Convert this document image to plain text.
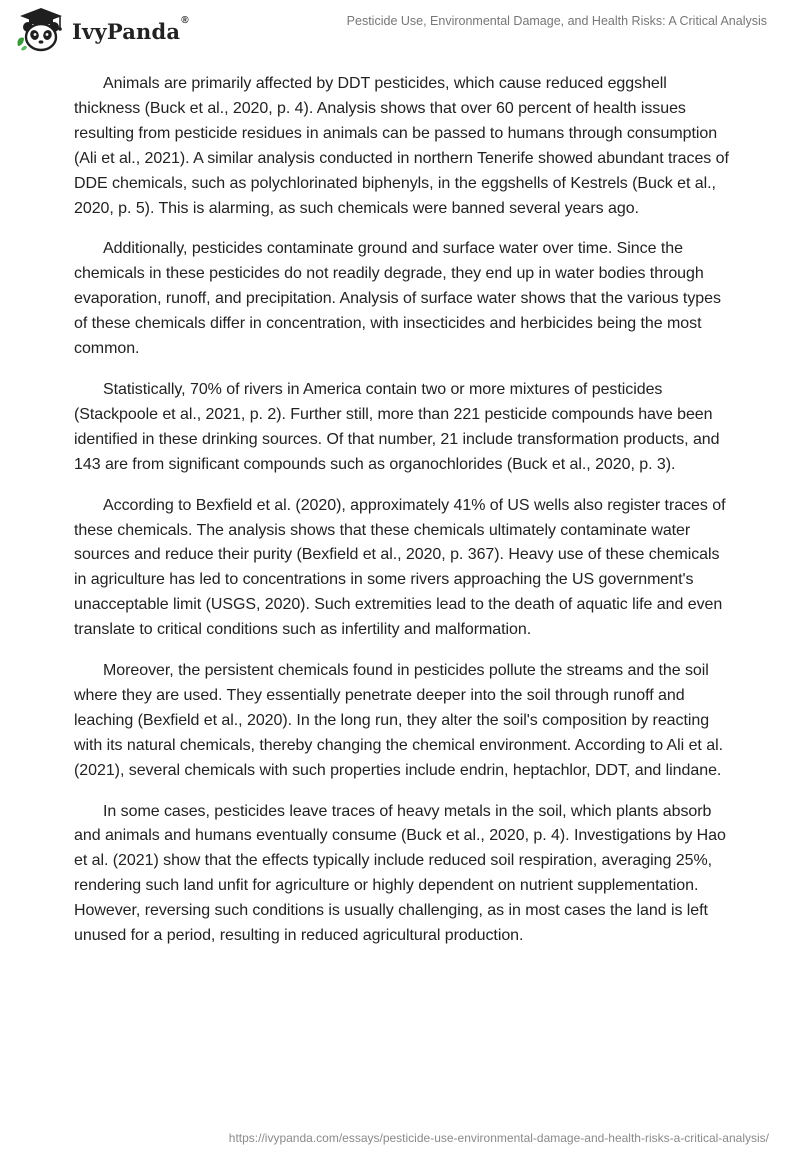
IvyPanda®	Pesticide Use, Environmental Damage, and Health Risks: A Critical Analysis

Animals are primarily affected by DDT pesticides, which cause reduced eggshell thickness (Buck et al., 2020, p. 4). Analysis shows that over 60 percent of health issues resulting from pesticide residues in animals can be passed to humans through consumption (Ali et al., 2021). A similar analysis conducted in northern Tenerife showed abundant traces of DDE chemicals, such as polychlorinated biphenyls, in the eggshells of Kestrels (Buck et al., 2020, p. 5). This is alarming, as such chemicals were banned several years ago.

Additionally, pesticides contaminate ground and surface water over time. Since the chemicals in these pesticides do not readily degrade, they end up in water bodies through evaporation, runoff, and precipitation. Analysis of surface water shows that the various types of these chemicals differ in concentration, with insecticides and herbicides being the most common.

Statistically, 70% of rivers in America contain two or more mixtures of pesticides (Stackpoole et al., 2021, p. 2). Further still, more than 221 pesticide compounds have been identified in these drinking sources. Of that number, 21 include transformation products, and 143 are from significant compounds such as organochlorides (Buck et al., 2020, p. 3).

According to Bexfield et al. (2020), approximately 41% of US wells also register traces of these chemicals. The analysis shows that these chemicals ultimately contaminate water sources and reduce their purity (Bexfield et al., 2020, p. 367). Heavy use of these chemicals in agriculture has led to concentrations in some rivers approaching the US government's unacceptable limit (USGS, 2020). Such extremities lead to the death of aquatic life and even translate to critical conditions such as infertility and malformation.

Moreover, the persistent chemicals found in pesticides pollute the streams and the soil where they are used. They essentially penetrate deeper into the soil through runoff and leaching (Bexfield et al., 2020). In the long run, they alter the soil's composition by reacting with its natural chemicals, thereby changing the chemical environment. According to Ali et al. (2021), several chemicals with such properties include endrin, heptachlor, DDT, and lindane.

In some cases, pesticides leave traces of heavy metals in the soil, which plants absorb and animals and humans eventually consume (Buck et al., 2020, p. 4). Investigations by Hao et al. (2021) show that the effects typically include reduced soil respiration, averaging 25%, rendering such land unfit for agriculture or highly dependent on nutrient supplementation. However, reversing such conditions is usually challenging, as in most cases the land is left unused for a period, resulting in reduced agricultural production.

https://ivypanda.com/essays/pesticide-use-environmental-damage-and-health-risks-a-critical-analysis/
